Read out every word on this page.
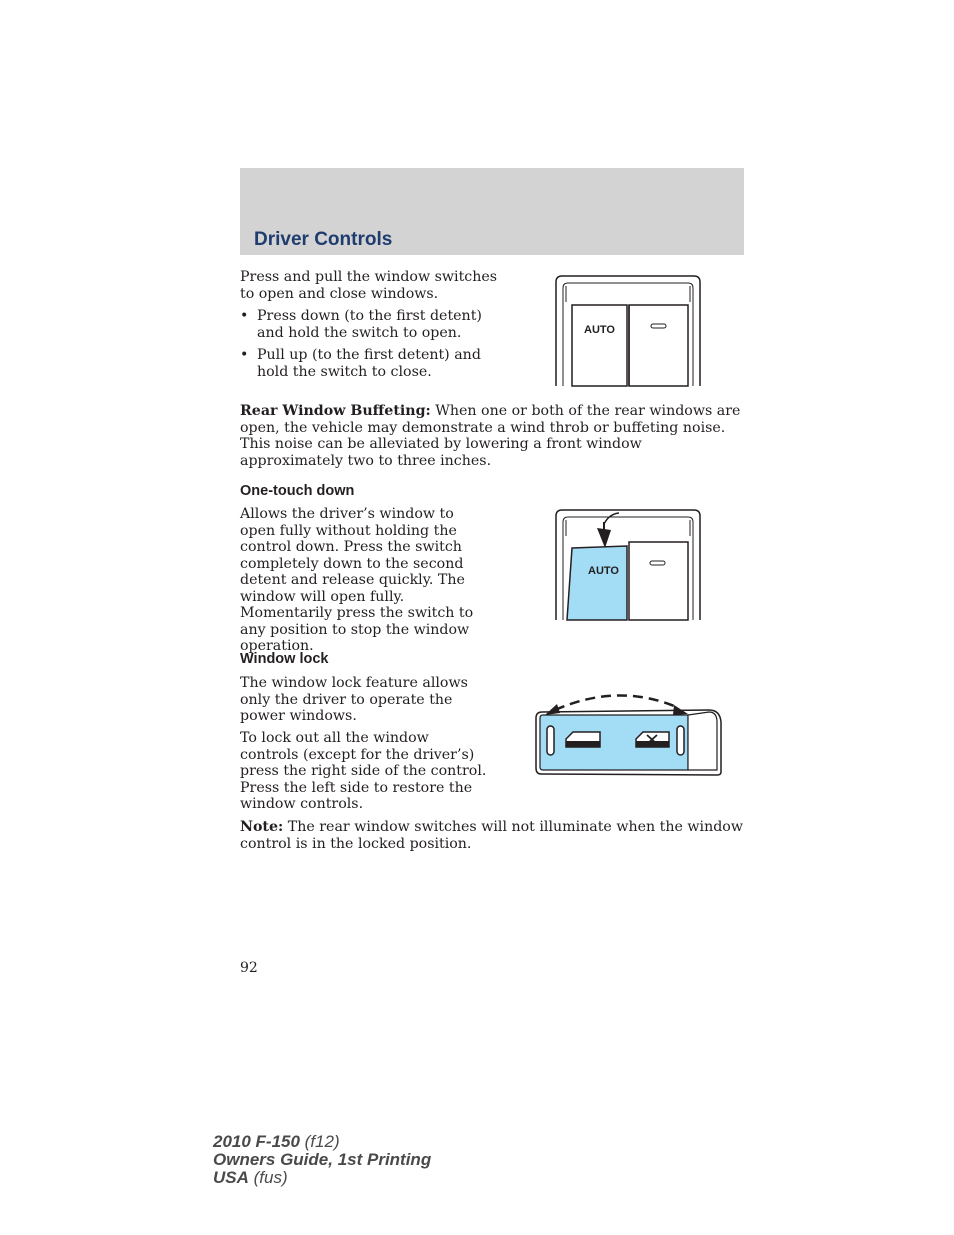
Driver Controls

Press and pull the window switches to open and close windows.

• Press down (to the first detent) and hold the switch to open.
• Pull up (to the first detent) and hold the switch to close.
AUTO

Rear Window Buffeting: When one or both of the rear windows are open, the vehicle may demonstrate a wind throb or buffeting noise. This noise can be alleviated by lowering a front window approximately two to three inches.

One-touch down

Allows the driver’s window to open fully without holding the control down. Press the switch completely down to the second detent and release quickly. The window will open fully. Momentarily press the switch to any position to stop the window operation.

AUTO
Window lock

The window lock feature allows only the driver to operate the power windows.

To lock out all the window controls (except for the driver’s) press the right side of the control. Press the left side to restore the window controls.

Note: The rear window switches will not illuminate when the window control is in the locked position.

92
2010 F-150 (f12)
Owners Guide, 1st Printing
USA (fus)
